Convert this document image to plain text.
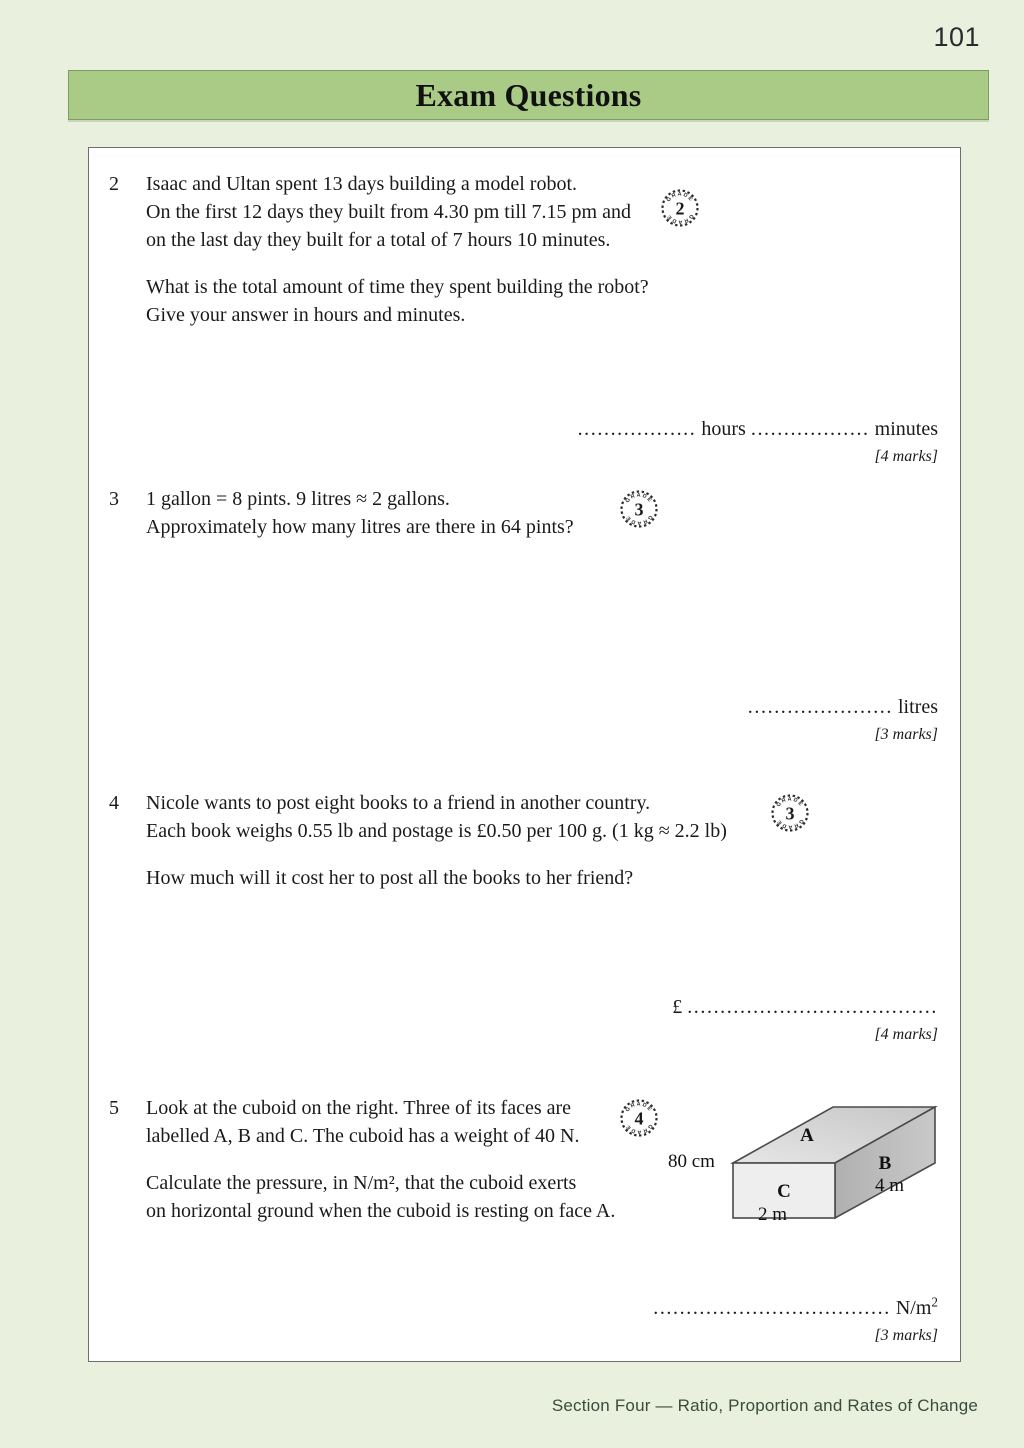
101
Exam Questions
2 Isaac and Ultan spent 13 days building a model robot.

On the first 12 days they built from 4.30 pm till 7.15 pm and

on the last day they built for a total of 7 hours 10 minutes.

What is the total amount of time they spent building the robot?

Give your answer in hours and minutes.

GRADE
GRADE 2
.................. hours .................. minutes
[4 marks]
3 1 gallon = 8 pints. 9 litres ≈ 2 gallons.

Approximately how many litres are there in 64 pints?

GRADE
GRADE 3
...................... litres
[3 marks]
4 Nicole wants to post eight books to a friend in another country.

Each book weighs 0.55 lb and postage is £0.50 per 100 g. (1 kg ≈ 2.2 lb)

How much will it cost her to post all the books to her friend?

GRADE
GRADE 3
£ ......................................
[4 marks]
5 Look at the cuboid on the right. Three of its faces are

labelled A, B and C. The cuboid has a weight of 40 N.

Calculate the pressure, in N/m², that the cuboid exerts

on horizontal ground when the cuboid is resting on face A.

GRADE
GRADE 4
.................................... $N/m^2$
[3 marks]
A
B
C
80 cm
2 m
4 m
Section Four — Ratio, Proportion and Rates of Change
